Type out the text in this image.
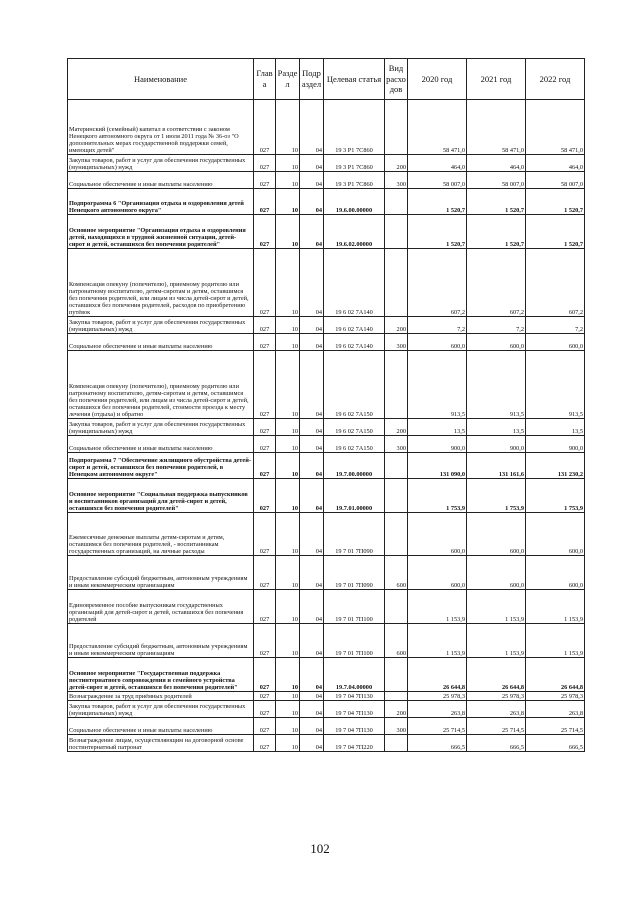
Наименование	Глав а	Разде л	Подр аздел	Целевая статья	Вид расхо дов	2020 год	2021 год	2022 год
Материнский (семейный) капитал в соответствии с законом Ненецкого автономного округа от 1 июля 2011 года № 36-оз "О дополнительных мерах государственной поддержки семей, имеющих детей"	027	10	04	19 3 Р1 7С860		58 471,0	58 471,0	58 471,0
Закупка товаров, работ и услуг для обеспечения государственных (муниципальных) нужд	027	10	04	19 3 Р1 7С860	200	464,0	464,0	464,0
Социальное обеспечение и иные выплаты населению	027	10	04	19 3 Р1 7С860	300	58 007,0	58 007,0	58 007,0
Подпрограмма 6 "Организация отдыха и оздоровления детей Ненецкого автономного округа"	027	10	04	19.6.00.00000		1 520,7	1 520,7	1 520,7
Основное мероприятие "Организация отдыха и оздоровления детей, находящихся в трудной жизненной ситуации, детей-сирот и детей, оставшихся без попечения родителей"	027	10	04	19.6.02.00000		1 520,7	1 520,7	1 520,7
Компенсация опекуну (попечителю), приемному родителю или патронатному воспитателю, детям-сиротам и детям, оставшимся без попечения родителей, или лицам из числа детей-сирот и детей, оставшихся без попечения родителей, расходов по приобретению путёвок	027	10	04	19 6 02 7А140		607,2	607,2	607,2
Закупка товаров, работ и услуг для обеспечения государственных (муниципальных) нужд	027	10	04	19 6 02 7А140	200	7,2	7,2	7,2
Социальное обеспечение и иные выплаты населению	027	10	04	19 6 02 7А140	300	600,0	600,0	600,0
Компенсация опекуну (попечителю), приемному родителю или патронатному воспитателю, детям-сиротам и детям, оставшимся без попечения родителей, или лицам из числа детей-сирот и детей, оставшихся без попечения родителей, стоимости проезда к месту лечения (отдыха) и обратно	027	10	04	19 6 02 7А150		913,5	913,5	913,5
Закупка товаров, работ и услуг для обеспечения государственных (муниципальных) нужд	027	10	04	19 6 02 7А150	200	13,5	13,5	13,5
Социальное обеспечение и иные выплаты населению	027	10	04	19 6 02 7А150	300	900,0	900,0	900,0
Подпрограмма 7 "Обеспечение жилищного обустройства детей-сирот и детей, оставшихся без попечения родителей, в Ненецком автономном округе"	027	10	04	19.7.00.00000		131 090,0	131 161,6	131 230,2
Основное мероприятие "Социальная поддержка выпускников и воспитанников организаций для детей-сирот и детей, оставшихся без попечения родителей"	027	10	04	19.7.01.00000		1 753,9	1 753,9	1 753,9
Ежемесячные денежные выплаты детям-сиротам и детям, оставшимся без попечения родителей, - воспитанникам государственных организаций, на личные расходы	027	10	04	19 7 01 7П090		600,0	600,0	600,0
Предоставление субсидий бюджетным, автономным учреждениям и иным некоммерческим организациям	027	10	04	19 7 01 7П090	600	600,0	600,0	600,0
Единовременное пособие выпускникам государственных организаций для детей-сирот и детей, оставшихся без попечения родителей	027	10	04	19 7 01 7П100		1 153,9	1 153,9	1 153,9
Предоставление субсидий бюджетным, автономным учреждениям и иным некоммерческим организациям	027	10	04	19 7 01 7П100	600	1 153,9	1 153,9	1 153,9
Основное мероприятие "Государственная поддержка постинтернатного сопровождения и семейного устройства детей-сирот и детей, оставшихся без попечения родителей"	027	10	04	19.7.04.00000		26 644,8	26 644,8	26 644,8
Вознаграждение за труд приёмных родителей	027	10	04	19 7 04 7П130		25 978,3	25 978,3	25 978,3
Закупка товаров, работ и услуг для обеспечения государственных (муниципальных) нужд	027	10	04	19 7 04 7П130	200	263,8	263,8	263,8
Социальное обеспечение и иные выплаты населению	027	10	04	19 7 04 7П130	300	25 714,5	25 714,5	25 714,5
Вознаграждение лицам, осуществляющим на договорной основе постинтернатный патронат	027	10	04	19 7 04 7П220		666,5	666,5	666,5
102
